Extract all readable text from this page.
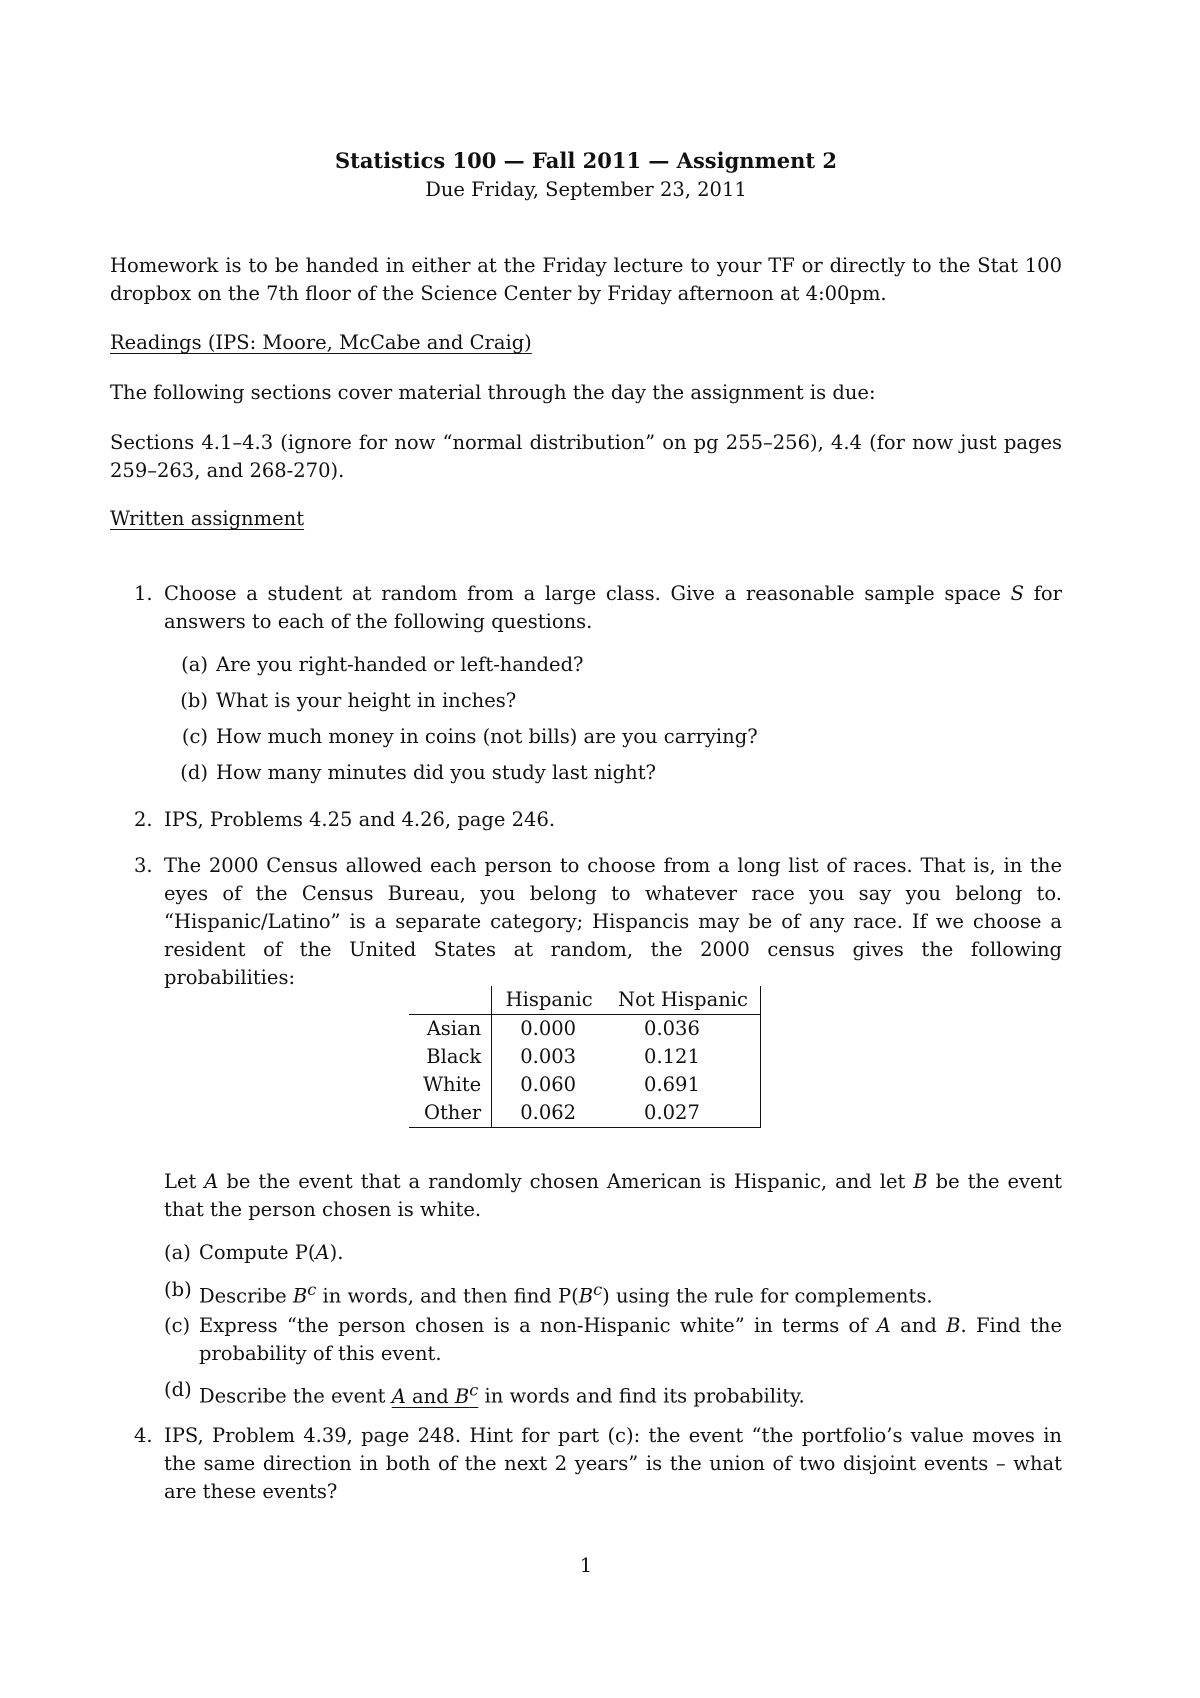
Statistics 100 — Fall 2011 — Assignment 2
Due Friday, September 23, 2011
Homework is to be handed in either at the Friday lecture to your TF or directly to the Stat 100 dropbox on the 7th floor of the Science Center by Friday afternoon at 4:00pm.
Readings (IPS: Moore, McCabe and Craig)
The following sections cover material through the day the assignment is due:
Sections 4.1–4.3 (ignore for now “normal distribution” on pg 255–256), 4.4 (for now just pages 259–263, and 268-270).
Written assignment
1. Choose a student at random from a large class. Give a reasonable sample space S for answers to each of the following questions.
(a) Are you right-handed or left-handed?
(b) What is your height in inches?
(c) How much money in coins (not bills) are you carrying?
(d) How many minutes did you study last night?
2. IPS, Problems 4.25 and 4.26, page 246.
3. The 2000 Census allowed each person to choose from a long list of races. That is, in the eyes of the Census Bureau, you belong to whatever race you say you belong to. “Hispanic/Latino” is a separate category; Hispancis may be of any race. If we choose a resident of the United States at random, the 2000 census gives the following probabilities:
	Hispanic	Not Hispanic
Asian	0.000	0.036
Black	0.003	0.121
White	0.060	0.691
Other	0.062	0.027
Let A be the event that a randomly chosen American is Hispanic, and let B be the event that the person chosen is white.
(a) Compute P(A).
(b) Describe $B^c$ in words, and then find $P(B^c)$ using the rule for complements.
(c) Express “the person chosen is a non-Hispanic white” in terms of A and B. Find the probability of this event.
(d) Describe the event A and $B^c$ in words and find its probability.
4. IPS, Problem 4.39, page 248. Hint for part (c): the event “the portfolio’s value moves in the same direction in both of the next 2 years” is the union of two disjoint events – what are these events?
1
